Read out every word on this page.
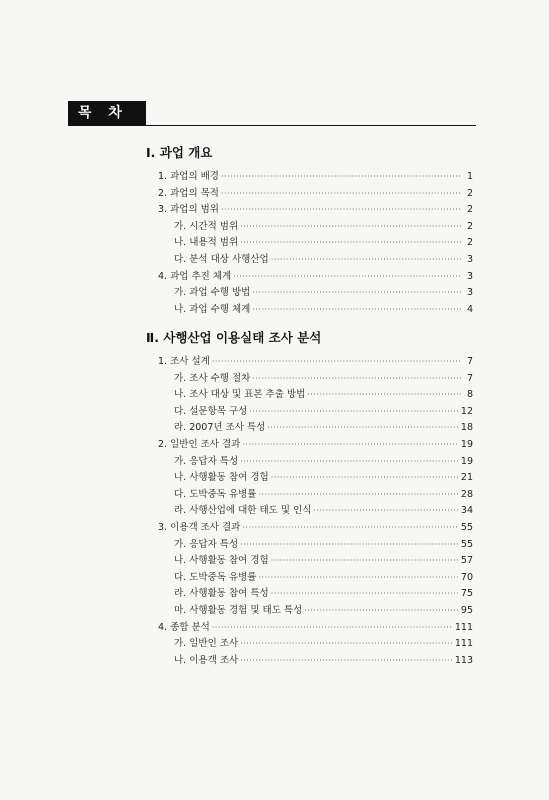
목 차
Ⅰ. 과업 개요
1. 과업의 배경 ·····	1
2. 과업의 목적 ·····	2
3. 과업의 범위 ·····	2
가. 시간적 범위 ·····	2
나. 내용적 범위 ·····	2
다. 분석 대상 사행산업 ·····	3
4. 과업 추진 체계 ·····	3
가. 과업 수행 방법 ·····	3
나. 과업 수행 체계 ·····	4
Ⅱ. 사행산업 이용실태 조사 분석
1. 조사 설계 ·····	7
가. 조사 수행 절차 ·····	7
나. 조사 대상 및 표본 추출 방법 ·····	8
다. 설문항목 구성 ·····	12
라. 2007년 조사 특성 ·····	18
2. 일반인 조사 결과 ·····	19
가. 응답자 특성 ·····	19
나. 사행활동 참여 경험 ·····	21
다. 도박중독 유병률 ·····	28
라. 사행산업에 대한 태도 및 인식 ·····	34
3. 이용객 조사 결과 ·····	55
가. 응답자 특성 ·····	55
나. 사행활동 참여 경험 ·····	57
다. 도박중독 유병률 ·····	70
라. 사행활동 참여 특성 ·····	75
마. 사행활동 경험 및 태도 특성 ·····	95
4. 종합 분석 ·····	111
가. 일반인 조사 ·····	111
나. 이용객 조사 ·····	113
